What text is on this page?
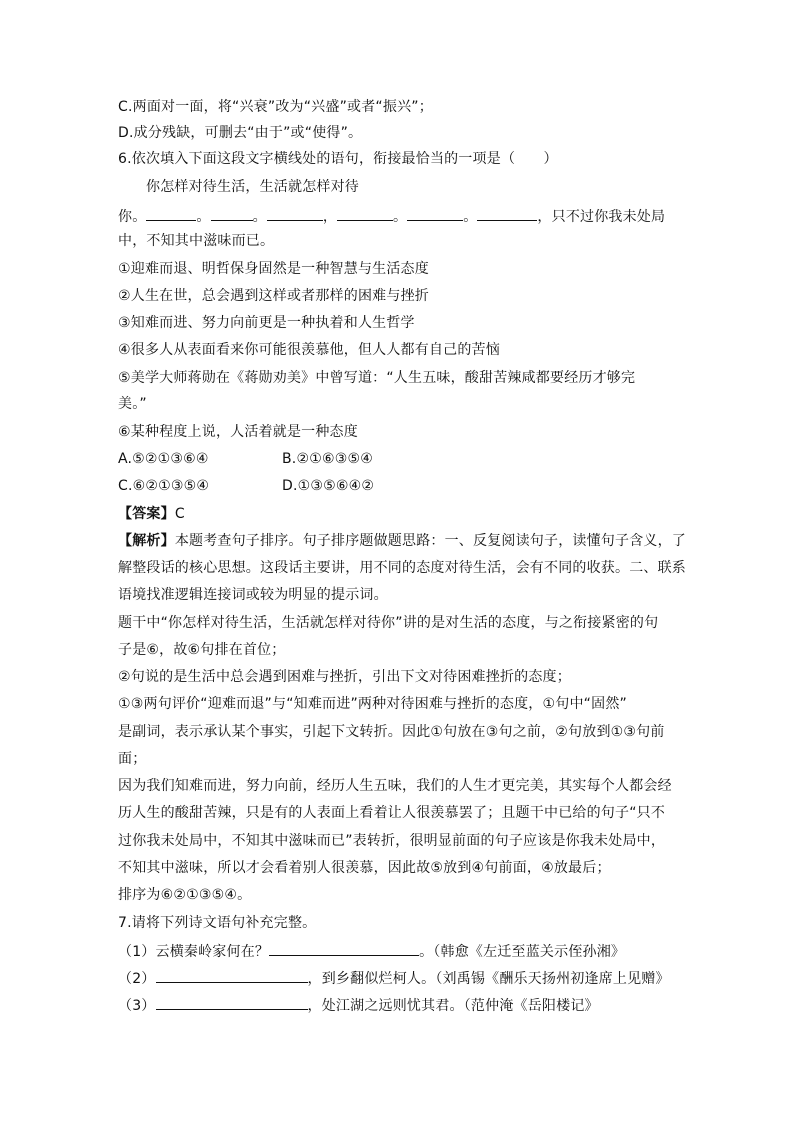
C.两面对一面，将“兴衰”改为“兴盛”或者“振兴”；
D.成分残缺，可删去“由于”或“使得”。
6.依次填入下面这段文字横线处的语句，衔接最恰当的一项是（　　）
你怎样对待生活，生活就怎样对待
你。	。	。	，	。	。	，只不过你我未处局
中，不知其中滋味而已。
①迎难而退、明哲保身固然是一种智慧与生活态度
②人生在世，总会遇到这样或者那样的困难与挫折
③知难而进、努力向前更是一种执着和人生哲学
④很多人从表面看来你可能很羡慕他，但人人都有自己的苦恼
⑤美学大师蒋勋在《蒋勋劝美》中曾写道：“人生五味，酸甜苦辣咸都要经历才够完
美。”
⑥某种程度上说，人活着就是一种态度
A.⑤②①③⑥④	B.②①⑥③⑤④
C.⑥②①③⑤④	D.①③⑤⑥④②
【答案】C
【解析】本题考查句子排序。句子排序题做题思路：一、反复阅读句子，读懂句子含义，了
解整段话的核心思想。这段话主要讲，用不同的态度对待生活，会有不同的收获。二、联系
语境找准逻辑连接词或较为明显的提示词。
题干中“你怎样对待生活，生活就怎样对待你”讲的是对生活的态度，与之衔接紧密的句
子是⑥，故⑥句排在首位；
②句说的是生活中总会遇到困难与挫折，引出下文对待困难挫折的态度；
①③两句评价“迎难而退”与“知难而进”两种对待困难与挫折的态度，①句中“固然”
是副词，表示承认某个事实，引起下文转折。因此①句放在③句之前，②句放到①③句前
面；
因为我们知难而进，努力向前，经历人生五味，我们的人生才更完美，其实每个人都会经
历人生的酸甜苦辣，只是有的人表面上看着让人很羡慕罢了；且题干中已给的句子“只不
过你我未处局中，不知其中滋味而已”表转折，很明显前面的句子应该是你我未处局中，
不知其中滋味，所以才会看着别人很羡慕，因此故⑤放到④句前面，④放最后；
排序为⑥②①③⑤④。
7.请将下列诗文语句补充完整。
（1）云横秦岭家何在？	。（韩愈《左迁至蓝关示侄孙湘》
（2）	，到乡翻似烂柯人。（刘禹锡《酬乐天扬州初逢席上见赠》
（3）	，处江湖之远则忧其君。（范仲淹《岳阳楼记》
